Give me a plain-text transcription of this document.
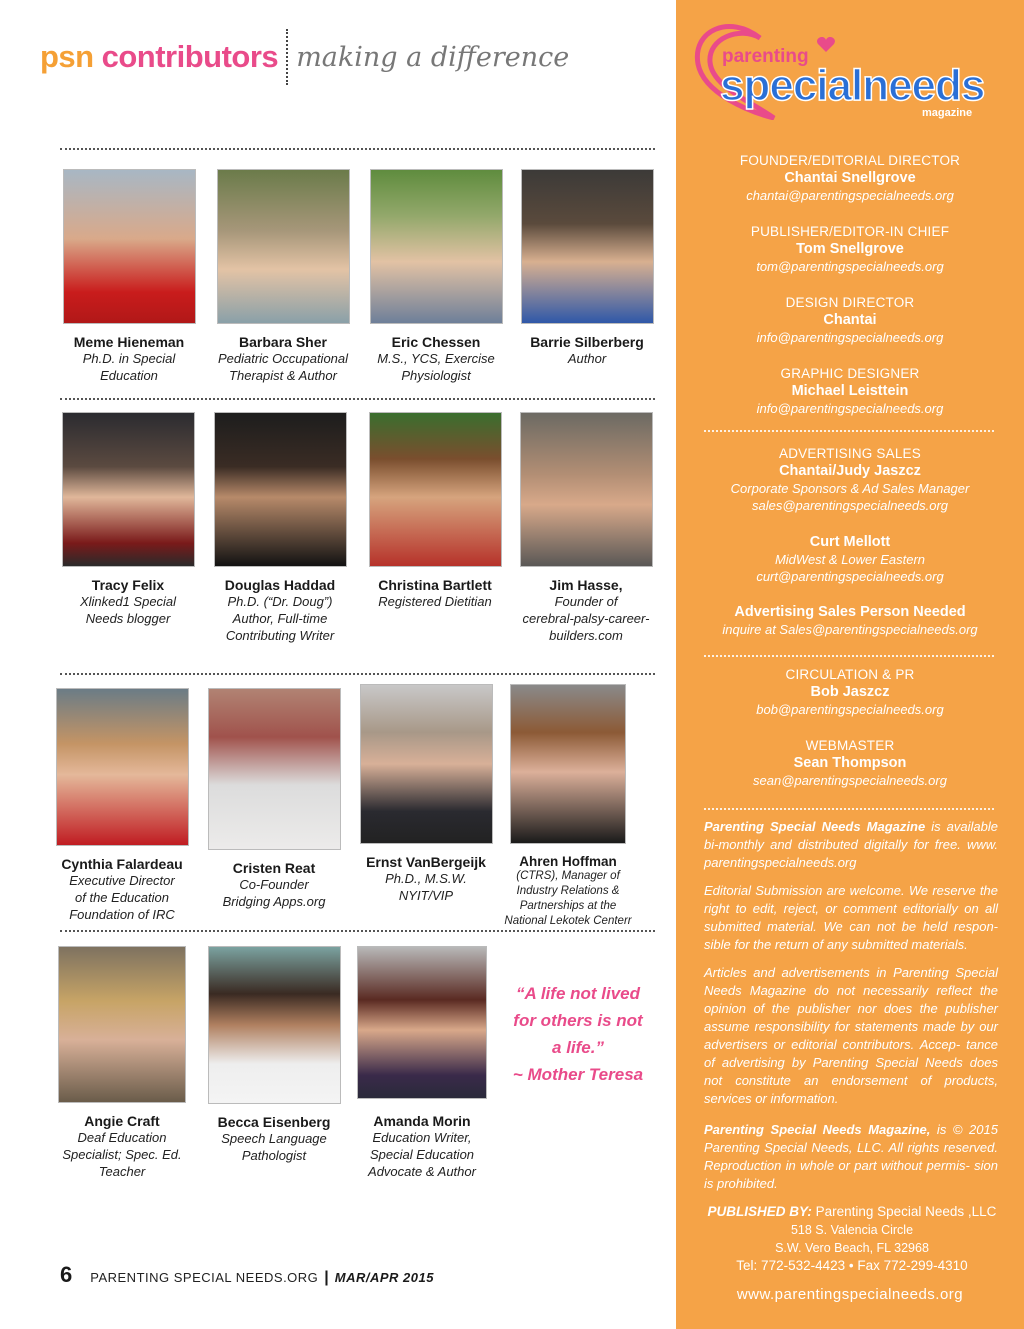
psn contributors making a difference
Meme Hieneman
Ph.D. in Special
Education
Barbara Sher
Pediatric Occupational
Therapist & Author
Eric Chessen
M.S., YCS, Exercise
Physiologist
Barrie Silberberg
Author
Tracy Felix
Xlinked1 Special
Needs blogger
Douglas Haddad
Ph.D. (“Dr. Doug”)
Author, Full-time
Contributing Writer
Christina Bartlett
Registered Dietitian
Jim Hasse,
Founder of
cerebral-palsy-career-
builders.com
Cynthia Falardeau
Executive Director
of the Education
Foundation of IRC
Cristen Reat
Co-Founder
Bridging Apps.org
Ernst VanBergeijk
Ph.D., M.S.W.
NYIT/VIP
Ahren Hoffman
(CTRS), Manager of
Industry Relations &
Partnerships at the
National Lekotek Centerr
Angie Craft
Deaf Education
Specialist; Spec. Ed.
Teacher
Becca Eisenberg
Speech Language
Pathologist
Amanda Morin
Education Writer,
Special Education
Advocate & Author
“A life not lived for others is not a life.”
~ Mother Teresa
6 PARENTING SPECIAL NEEDS.ORG | MAR/APR 2015
parenting
specialneeds
magazine
FOUNDER/EDITORIAL DIRECTOR
Chantai Snellgrove
chantai@parentingspecialneeds.org
PUBLISHER/EDITOR-IN CHIEF
Tom Snellgrove
tom@parentingspecialneeds.org
DESIGN DIRECTOR
Chantai
info@parentingspecialneeds.org
GRAPHIC DESIGNER
Michael Leisttein
info@parentingspecialneeds.org
ADVERTISING SALES
Chantai/Judy Jaszcz
Corporate Sponsors & Ad Sales Manager
sales@parentingspecialneeds.org
Curt Mellott
MidWest & Lower Eastern
curt@parentingspecialneeds.org
Advertising Sales Person Needed
inquire at Sales@parentingspecialneeds.org
CIRCULATION & PR
Bob Jaszcz
bob@parentingspecialneeds.org
WEBMASTER
Sean Thompson
sean@parentingspecialneeds.org
Parenting Special Needs Magazine is available bi-monthly and distributed digitally for free. www. parentingspecialneeds.org
Editorial Submission are welcome. We reserve the right to edit, reject, or comment editorially on all submitted material. We can not be held respon- sible for the return of any submitted materials.
Articles and advertisements in Parenting Special Needs Magazine do not necessarily reflect the opinion of the publisher nor does the publisher assume responsibility for statements made by our advertisers or editorial contributors. Accep- tance of advertising by Parenting Special Needs does not constitute an endorsement of products, services or information.
Parenting Special Needs Magazine, is © 2015 Parenting Special Needs, LLC. All rights reserved. Reproduction in whole or part without permis- sion is prohibited.
PUBLISHED BY: Parenting Special Needs ,LLC
518 S. Valencia Circle
S.W. Vero Beach, FL 32968
Tel: 772-532-4423 • Fax 772-299-4310
www.parentingspecialneeds.org
